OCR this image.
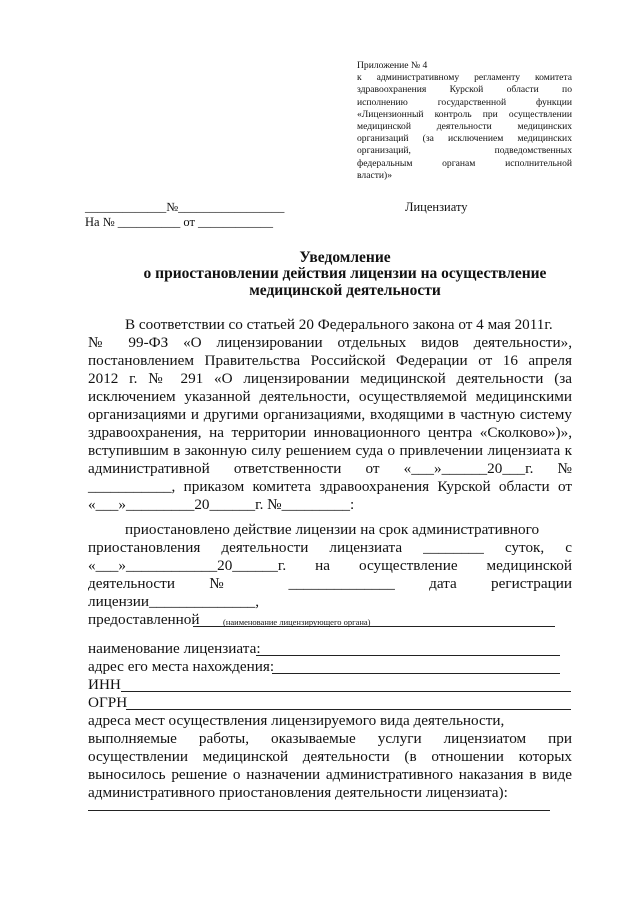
Приложение № 4
к административному регламенту комитета
здравоохранения Курской области по
исполнению государственной функции
«Лицензионный контроль при осуществлении
медицинской деятельности медицинских
организаций (за исключением медицинских
организаций, подведомственных
федеральным органам исполнительной
власти)»
_____________№_________________
На № __________ от ____________
Лицензиату
Уведомление
о приостановлении действия лицензии на осуществление
медицинской деятельности
В соответствии со статьей 20 Федерального закона от 4 мая 2011г.
№ 99-ФЗ «О лицензировании отдельных видов деятельности»,
постановлением Правительства Российской Федерации от 16 апреля
2012 г. № 291 «О лицензировании медицинской деятельности (за
исключением указанной деятельности, осуществляемой медицинскими
организациями и другими организациями, входящими в частную систему
здравоохранения, на территории инновационного центра «Сколково»)»,
вступившим в законную силу решением суда о привлечении лицензиата к
административной ответственности от «___»______20___г. №
___________, приказом комитета здравоохранения Курской области от
«___»_________20______г. №_________:
приостановлено действие лицензии на срок административного
приостановления деятельности лицензиата ________ суток, с
«___»____________20______г. на осуществление медицинской
деятельности № ______________ дата регистрации
лицензии______________,
предоставленной	(наименование лицензирующего органа)
наименование лицензиата:
адрес его места нахождения:
ИНН
ОГРН
адреса мест осуществления лицензируемого вида деятельности,
выполняемые работы, оказываемые услуги лицензиатом при
осуществлении медицинской деятельности (в отношении которых
выносилось решение о назначении административного наказания в виде
административного приостановления деятельности лицензиата):
